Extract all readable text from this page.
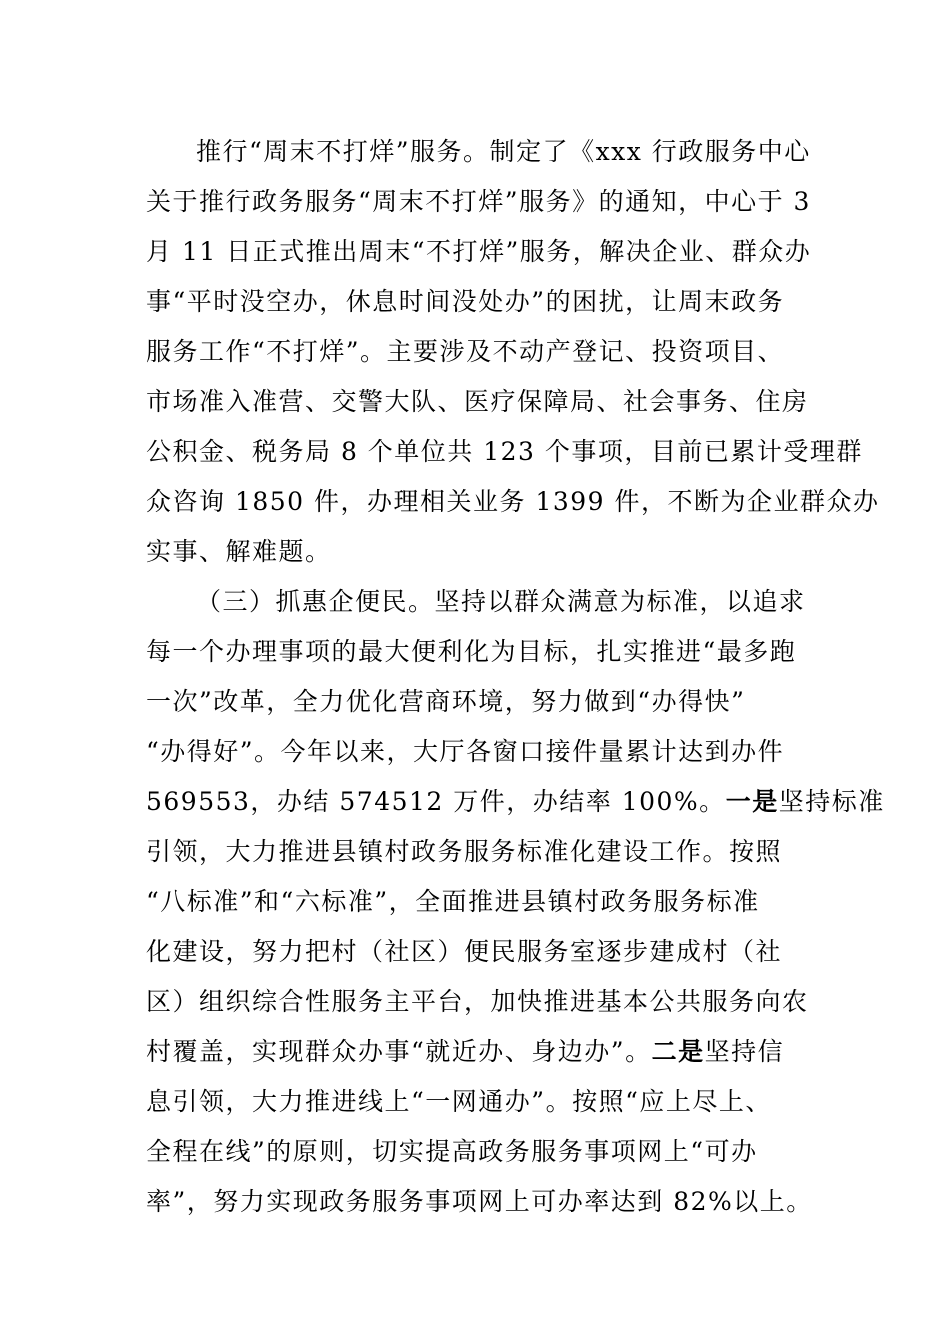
推行“周末不打烊”服务。制定了《xxx 行政服务中心
关于推行政务服务“周末不打烊”服务》的通知，中心于 3
月 11 日正式推出周末“不打烊”服务，解决企业、群众办
事“平时没空办，休息时间没处办”的困扰，让周末政务
服务工作“不打烊”。主要涉及不动产登记、投资项目、
市场准入准营、交警大队、医疗保障局、社会事务、住房
公积金、税务局 8 个单位共 123 个事项，目前已累计受理群
众咨询 1850 件，办理相关业务 1399 件，不断为企业群众办
实事、解难题。
（三）抓惠企便民。坚持以群众满意为标准，以追求
每一个办理事项的最大便利化为目标，扎实推进“最多跑
一次”改革，全力优化营商环境，努力做到“办得快”
“办得好”。今年以来，大厅各窗口接件量累计达到办件
569553，办结 574512 万件，办结率 100%。一是坚持标准
引领，大力推进县镇村政务服务标准化建设工作。按照
“八标准”和“六标准”，全面推进县镇村政务服务标准
化建设，努力把村（社区）便民服务室逐步建成村（社
区）组织综合性服务主平台，加快推进基本公共服务向农
村覆盖，实现群众办事“就近办、身边办”。二是坚持信
息引领，大力推进线上“一网通办”。按照“应上尽上、
全程在线”的原则，切实提高政务服务事项网上“可办
率”，努力实现政务服务事项网上可办率达到 82%以上。
